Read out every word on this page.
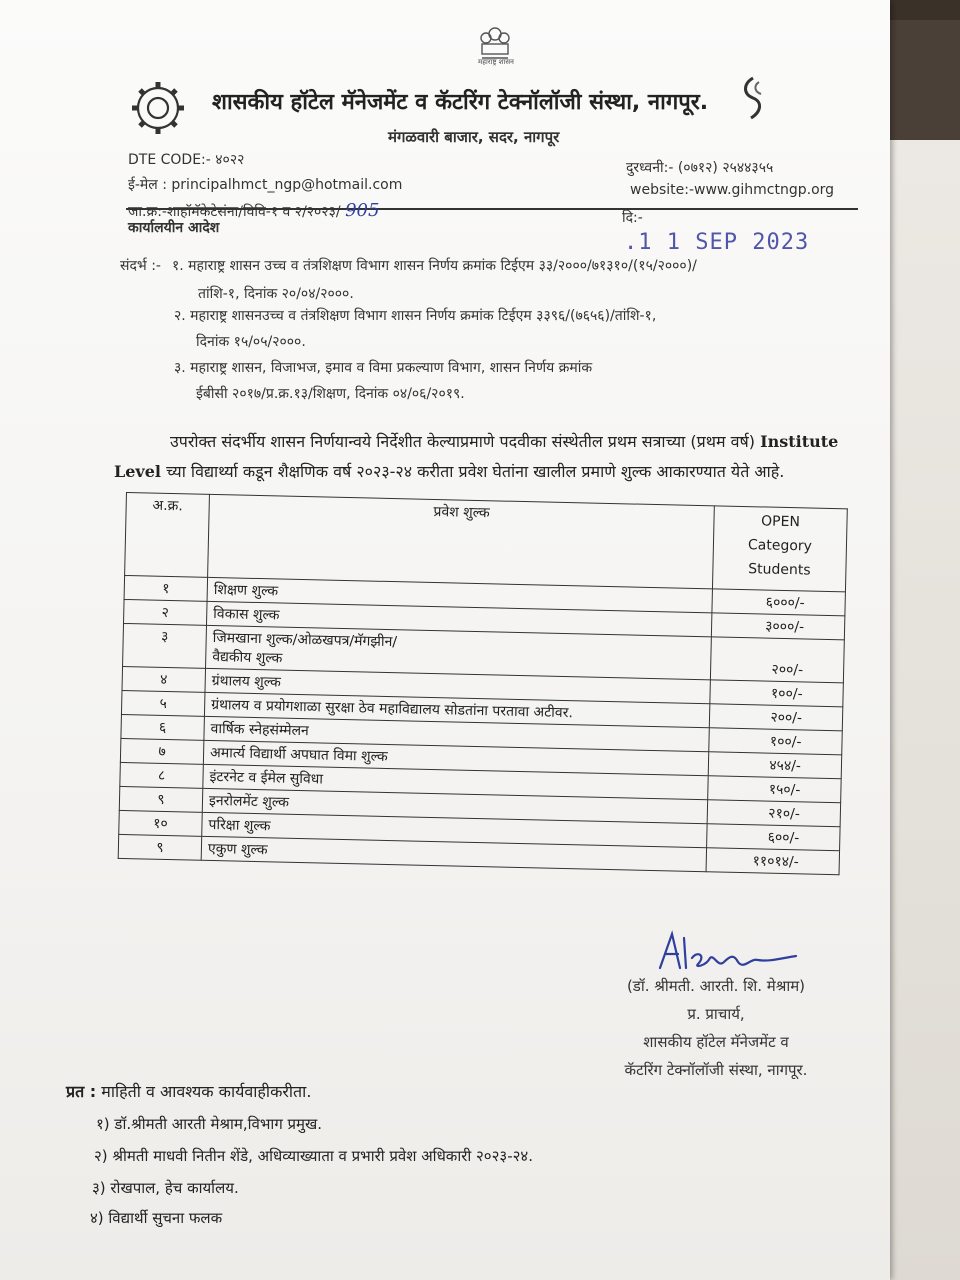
महाराष्ट्र शासन
शासकीय हॉटेल मॅनेजमेंट व कॅटरिंग टेक्नॉलॉजी संस्था, नागपूर.
मंगळवारी बाजार, सदर, नागपूर
DTE CODE:- ४०२२
ई-मेल : principalhmct_ngp@hotmail.com
दुरध्वनी:- (०७१२) २५४४३५५
website:-www.gihmctngp.org
जा.क्र:-शाहॉमॅकेटेसंना/विवि-१ व २/२०२३/ 905	दि:-
.1 1 SEP 2023
कार्यालयीन आदेश
संदर्भ :- १. महाराष्ट्र शासन उच्च व तंत्रशिक्षण विभाग शासन निर्णय क्रमांक टिईएम ३३/२०००/७१३१०/(१५/२०००)/
तांशि-१, दिनांक २०/०४/२०००.
२. महाराष्ट्र शासनउच्च व तंत्रशिक्षण विभाग शासन निर्णय क्रमांक टिईएम ३३९६/(७६५६)/तांशि-१,
दिनांक १५/०५/२०००.
३. महाराष्ट्र शासन, विजाभज, इमाव व विमा प्रकल्याण विभाग, शासन निर्णय क्रमांक
ईबीसी २०१७/प्र.क्र.१३/शिक्षण, दिनांक ०४/०६/२०१९.
उपरोक्त संदर्भीय शासन निर्णयान्वये निर्देशीत केल्याप्रमाणे पदवीका संस्थेतील प्रथम सत्राच्या (प्रथम वर्ष) Institute
Level च्या विद्यार्थ्या कडून शैक्षणिक वर्ष २०२३-२४ करीता प्रवेश घेतांना खालील प्रमाणे शुल्क आकारण्यात येते आहे.
अ.क्र.	प्रवेश शुल्क	OPEN
Category
Students

१	शिक्षण शुल्क	६०००/-
२	विकास शुल्क	३०००/-
३	जिमखाना शुल्क/ओळखपत्र/मॅगझीन/
वैद्यकीय शुल्क	२००/-
४	ग्रंथालय शुल्क	१००/-
५	ग्रंथालय व प्रयोगशाळा सुरक्षा ठेव महाविद्यालय सोडतांना परतावा अटीवर.	२००/-
६	वार्षिक स्नेहसंम्मेलन	१००/-
७	अमार्त्य विद्यार्थी अपघात विमा शुल्क	४५४/-
८	इंटरनेट व ईमेल सुविधा	१५०/-
९	इनरोलमेंट शुल्क	२१०/-
१०	परिक्षा शुल्क	६००/-
९	एकुण शुल्क	११०१४/-
(डॉ. श्रीमती. आरती. शि. मेश्राम)
प्र. प्राचार्य,
शासकीय हॉटेल मॅनेजमेंट व
कॅटरिंग टेक्नॉलॉजी संस्था, नागपूर.
प्रत : माहिती व आवश्यक कार्यवाहीकरीता.
१) डॉ.श्रीमती आरती मेश्राम,विभाग प्रमुख.
२) श्रीमती माधवी नितीन शेंडे, अधिव्याख्याता व प्रभारी प्रवेश अधिकारी २०२३-२४.
३) रोखपाल, हेच कार्यालय.
४) विद्यार्थी सुचना फलक
